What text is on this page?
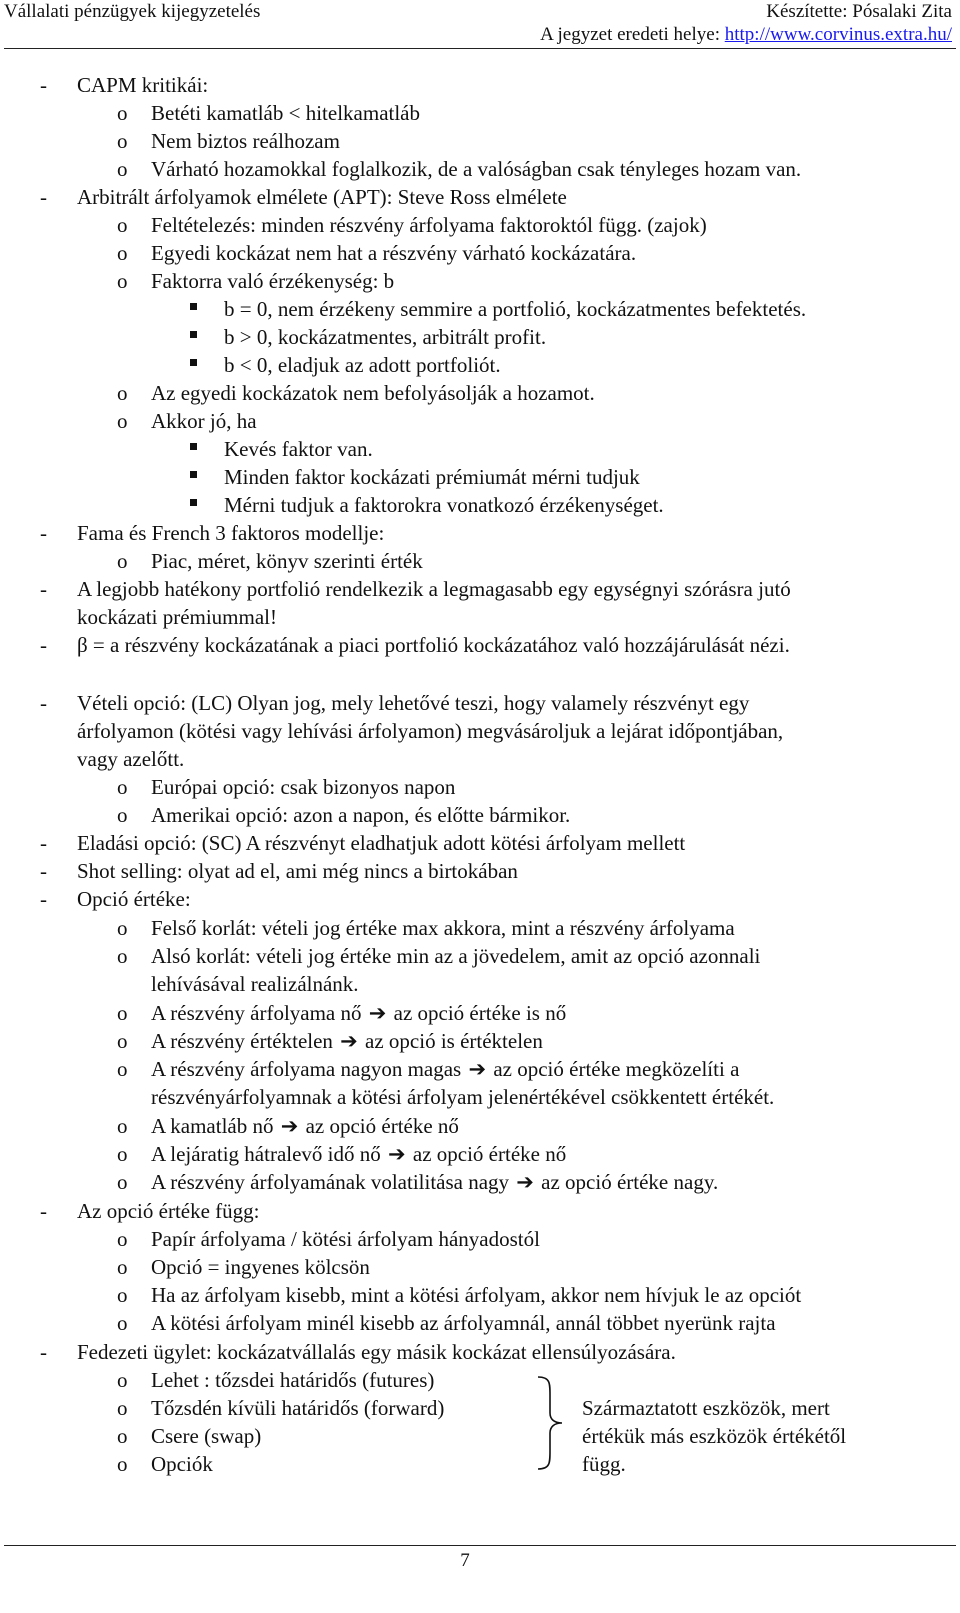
Vállalati pénzügyek kijegyzetelés	Készítette: Pósalaki Zita
A jegyzet eredeti helye: http://www.corvinus.extra.hu/
- CAPM kritikái:
o Betéti kamatláb < hitelkamatláb
o Nem biztos reálhozam
o Várható hozamokkal foglalkozik, de a valóságban csak tényleges hozam van.
- Arbitrált árfolyamok elmélete (APT): Steve Ross elmélete
o Feltételezés: minden részvény árfolyama faktoroktól függ. (zajok)
o Egyedi kockázat nem hat a részvény várható kockázatára.
o Faktorra való érzékenység: b
b = 0, nem érzékeny semmire a portfolió, kockázatmentes befektetés.
b > 0, kockázatmentes, arbitrált profit.
b < 0, eladjuk az adott portfoliót.
o Az egyedi kockázatok nem befolyásolják a hozamot.
o Akkor jó, ha
Kevés faktor van.
Minden faktor kockázati prémiumát mérni tudjuk
Mérni tudjuk a faktorokra vonatkozó érzékenységet.
- Fama és French 3 faktoros modellje:
o Piac, méret, könyv szerinti érték
- A legjobb hatékony portfolió rendelkezik a legmagasabb egy egységnyi szórásra jutó
kockázati prémiummal!
- β = a részvény kockázatának a piaci portfolió kockázatához való hozzájárulását nézi.
- Vételi opció: (LC) Olyan jog, mely lehetővé teszi, hogy valamely részvényt egy
árfolyamon (kötési vagy lehívási árfolyamon) megvásároljuk a lejárat időpontjában,
vagy azelőtt.
o Európai opció: csak bizonyos napon
o Amerikai opció: azon a napon, és előtte bármikor.
- Eladási opció: (SC) A részvényt eladhatjuk adott kötési árfolyam mellett
- Shot selling: olyat ad el, ami még nincs a birtokában
- Opció értéke:
o Felső korlát: vételi jog értéke max akkora, mint a részvény árfolyama
o Alsó korlát: vételi jog értéke min az a jövedelem, amit az opció azonnali
lehívásával realizálnánk.
o A részvény árfolyama nő ➔ az opció értéke is nő
o A részvény értéktelen ➔ az opció is értéktelen
o A részvény árfolyama nagyon magas ➔ az opció értéke megközelíti a
részvényárfolyamnak a kötési árfolyam jelenértékével csökkentett értékét.
o A kamatláb nő ➔ az opció értéke nő
o A lejáratig hátralevő idő nő ➔ az opció értéke nő
o A részvény árfolyamának volatilitása nagy ➔ az opció értéke nagy.
- Az opció értéke függ:
o Papír árfolyama / kötési árfolyam hányadostól
o Opció = ingyenes kölcsön
o Ha az árfolyam kisebb, mint a kötési árfolyam, akkor nem hívjuk le az opciót
o A kötési árfolyam minél kisebb az árfolyamnál, annál többet nyerünk rajta
- Fedezeti ügylet: kockázatvállalás egy másik kockázat ellensúlyozására.
o Lehet : tőzsdei határidős (futures)
o Tőzsdén kívüli határidős (forward)
o Csere (swap)
o Opciók
Származtatott eszközök, mert
értékük más eszközök értékétől
függ.
7
